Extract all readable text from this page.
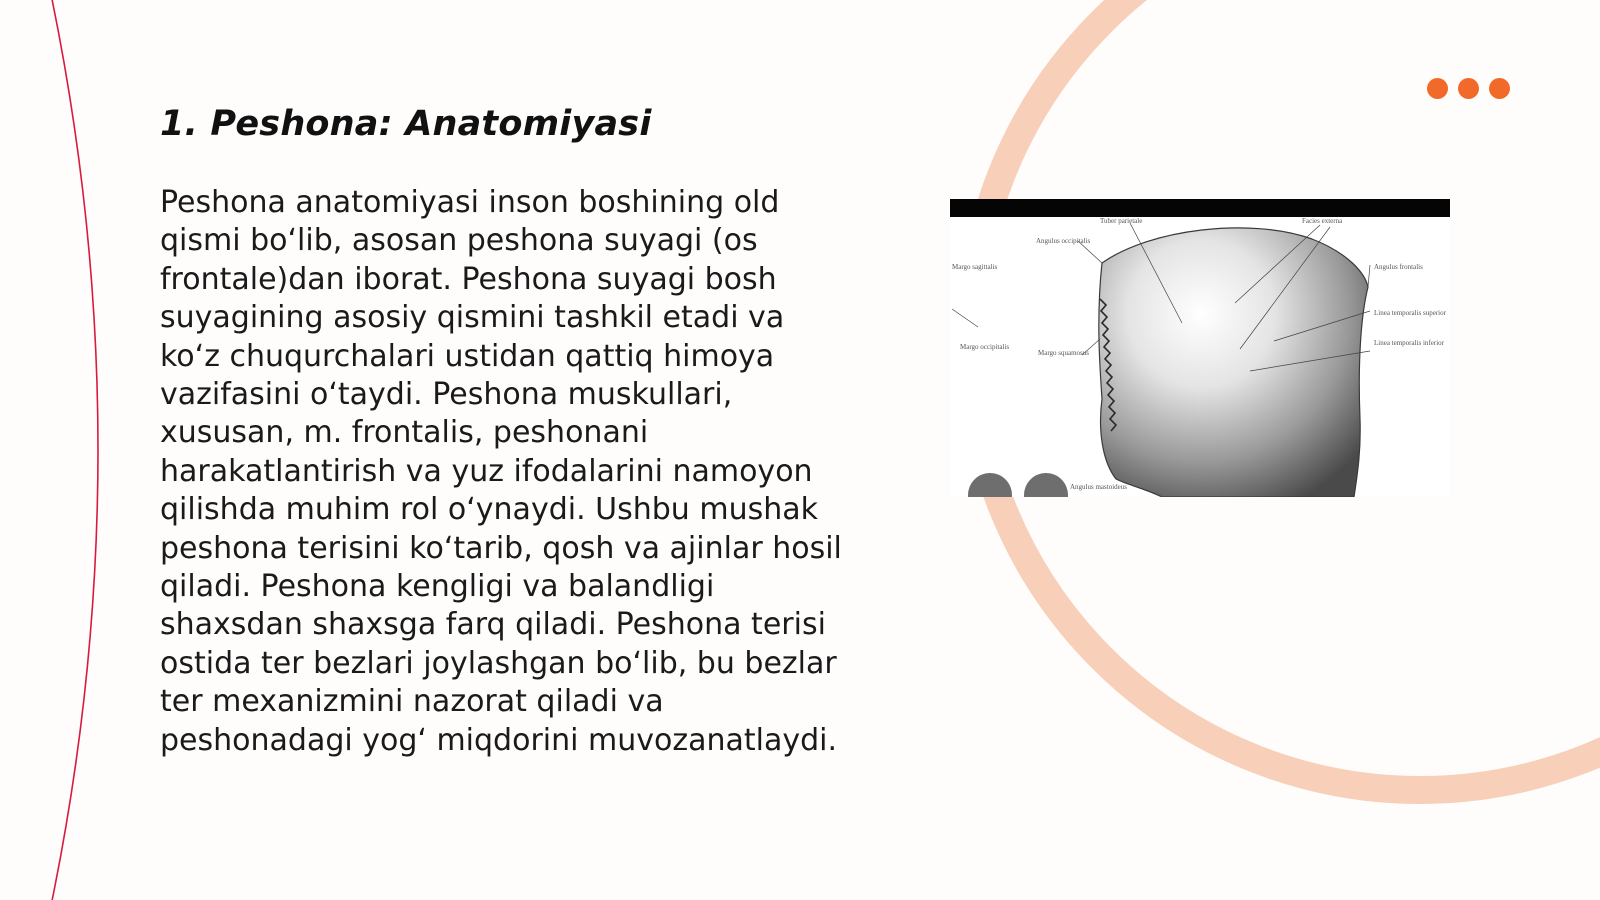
1. Peshona: Anatomiyasi
Peshona anatomiyasi inson boshining old
qismi bo‘lib, asosan peshona suyagi (os
frontale)dan iborat. Peshona suyagi bosh
suyagining asosiy qismini tashkil etadi va
ko‘z chuqurchalari ustidan qattiq himoya
vazifasini o‘taydi. Peshona muskullari,
xususan, m. frontalis, peshonani
harakatlantirish va yuz ifodalarini namoyon
qilishda muhim rol o‘ynaydi. Ushbu mushak
peshona terisini ko‘tarib, qosh va ajinlar hosil
qiladi. Peshona kengligi va balandligi
shaxsdan shaxsga farq qiladi. Peshona terisi
ostida ter bezlari joylashgan bo‘lib, bu bezlar
ter mexanizmini nazorat qiladi va
peshonadagi yog‘ miqdorini muvozanatlaydi.
Tuber parietale	Facies externa
Angulus occipitalis
Angulus frontalis
Margo sagittalis
Margo occipitalis
Margo squamosus
Linea temporalis superior
Linea temporalis inferior
Angulus mastoideus
